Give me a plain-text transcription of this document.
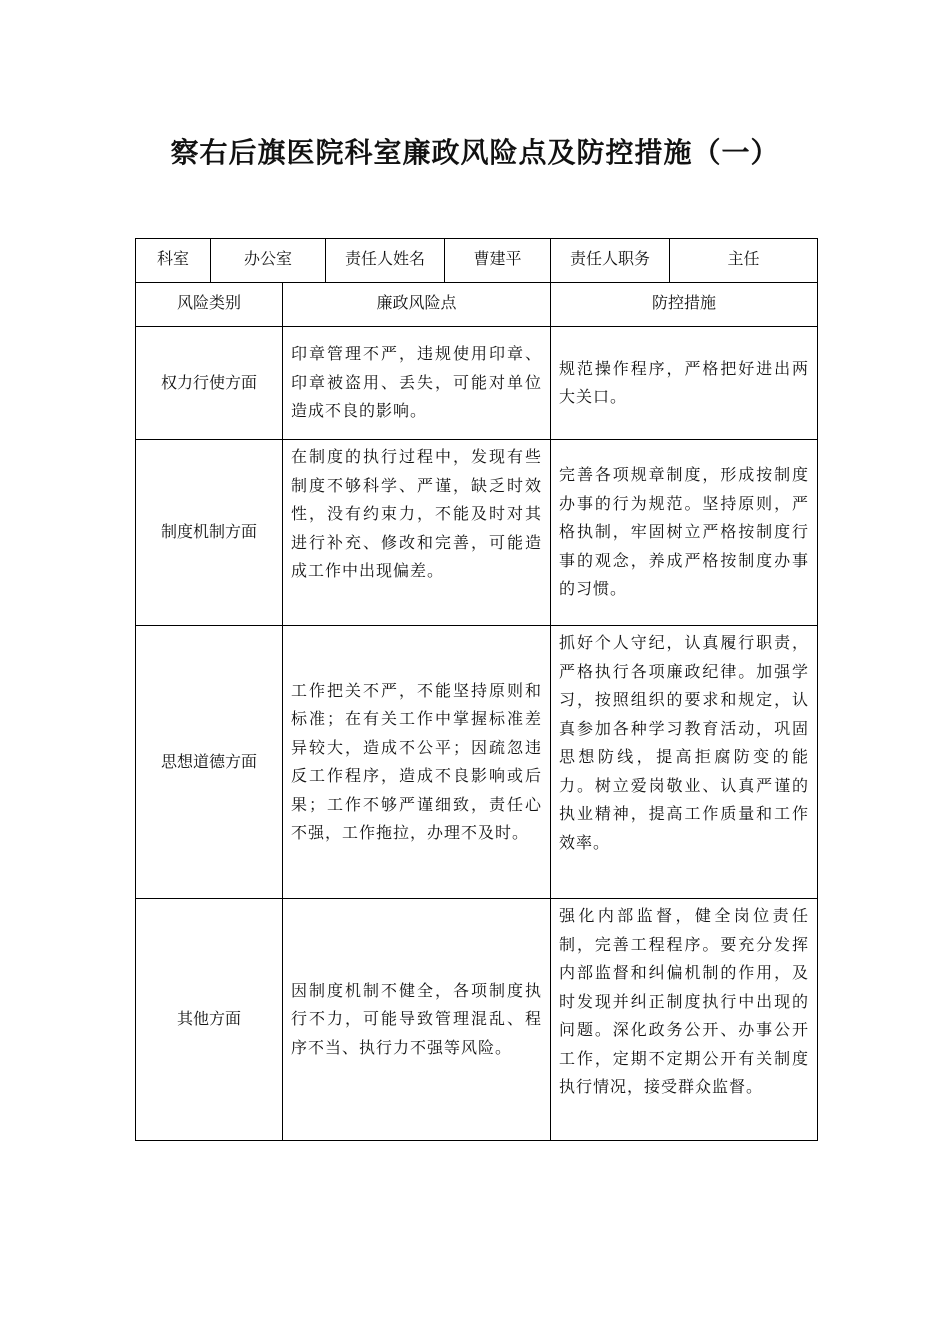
察右后旗医院科室廉政风险点及防控措施（一）
科室	办公室		责任人姓名	曹建平	责任人职务	主任
风险类别		廉政风险点			防控措施	
权力行使方面		印章管理不严，违规使用印章、印章被盗用、丢失，可能对单位造成不良的影响。			规范操作程序，严格把好进出两大关口。	
制度机制方面		在制度的执行过程中，发现有些制度不够科学、严谨，缺乏时效性，没有约束力，不能及时对其进行补充、修改和完善，可能造成工作中出现偏差。			完善各项规章制度，形成按制度办事的行为规范。坚持原则，严格执制，牢固树立严格按制度行事的观念，养成严格按制度办事的习惯。	
思想道德方面		工作把关不严，不能坚持原则和标准；在有关工作中掌握标准差异较大，造成不公平；因疏忽违反工作程序，造成不良影响或后果；工作不够严谨细致，责任心不强，工作拖拉，办理不及时。			抓好个人守纪，认真履行职责，严格执行各项廉政纪律。加强学习，按照组织的要求和规定，认真参加各种学习教育活动，巩固思想防线，提高拒腐防变的能力。树立爱岗敬业、认真严谨的执业精神，提高工作质量和工作效率。	
其他方面		因制度机制不健全，各项制度执行不力，可能导致管理混乱、程序不当、执行力不强等风险。			强化内部监督，健全岗位责任制，完善工程程序。要充分发挥内部监督和纠偏机制的作用，及时发现并纠正制度执行中出现的问题。深化政务公开、办事公开工作，定期不定期公开有关制度执行情况，接受群众监督。	
